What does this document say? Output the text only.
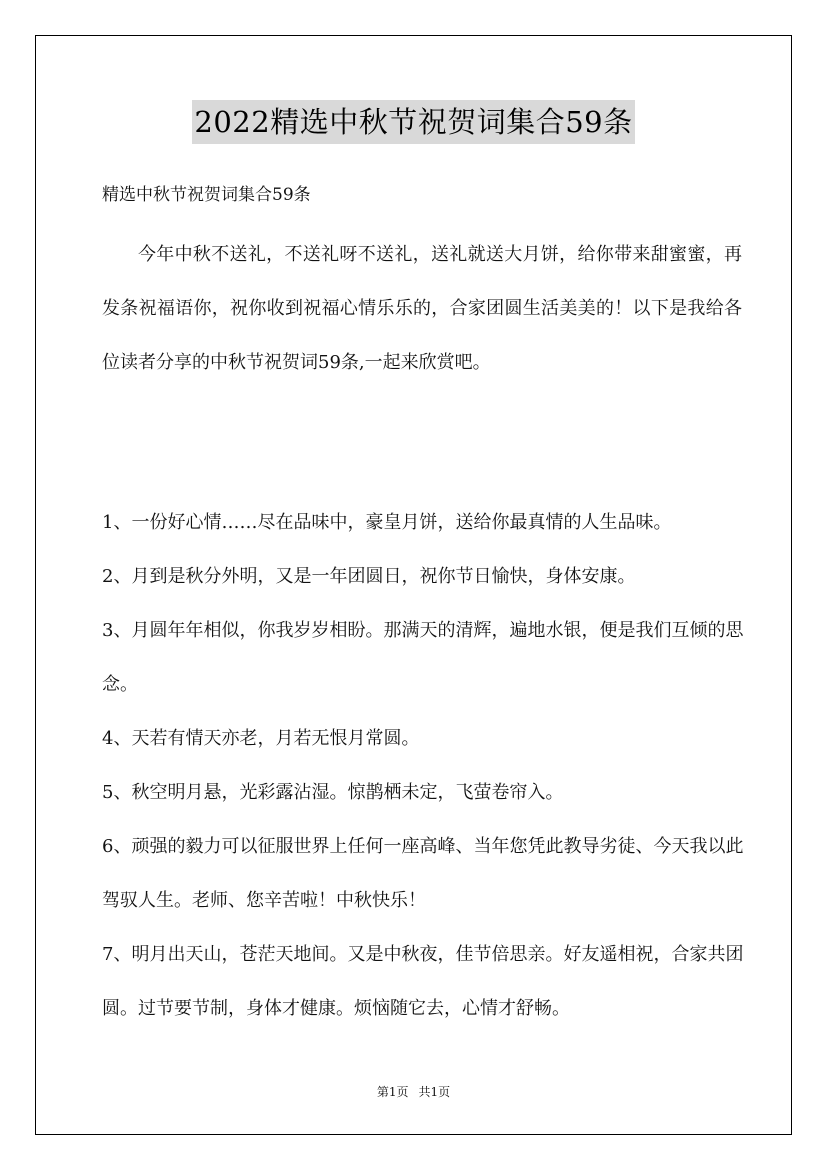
2022精选中秋节祝贺词集合59条
精选中秋节祝贺词集合59条

今年中秋不送礼，不送礼呀不送礼，送礼就送大月饼，给你带来甜蜜蜜，再发条祝福语你，祝你收到祝福心情乐乐的，合家团圆生活美美的！以下是我给各位读者分享的中秋节祝贺词59条,一起来欣赏吧。

1、一份好心情……尽在品味中，豪皇月饼，送给你最真情的人生品味。
2、月到是秋分外明，又是一年团圆日，祝你节日愉快，身体安康。
3、月圆年年相似，你我岁岁相盼。那满天的清辉，遍地水银，便是我们互倾的思念。
4、天若有情天亦老，月若无恨月常圆。
5、秋空明月悬，光彩露沾湿。惊鹊栖未定，飞萤卷帘入。
6、顽强的毅力可以征服世界上任何一座高峰、当年您凭此教导劣徒、今天我以此驾驭人生。老师、您辛苦啦！中秋快乐！
7、明月出天山，苍茫天地间。又是中秋夜，佳节倍思亲。好友遥相祝，合家共团圆。过节要节制，身体才健康。烦恼随它去，心情才舒畅。
第1页 共1页
